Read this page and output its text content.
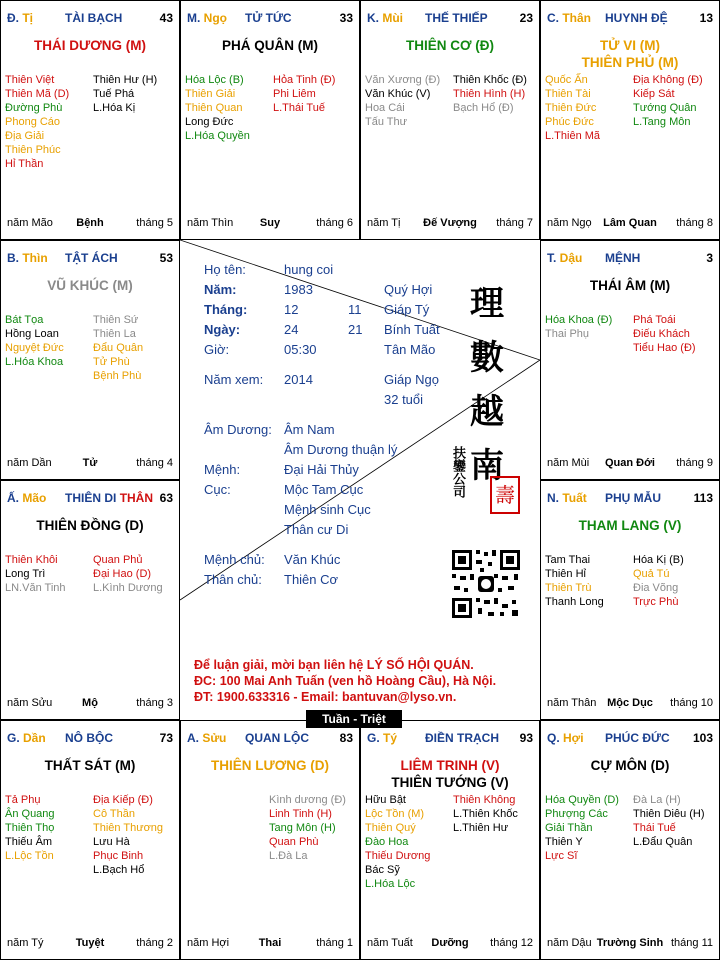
Đ. Tị	TÀI BẠCH	43
THÁI DƯƠNG (M)
Thiên Việt
Thiên Mã (D)
Đường Phù
Phong Cáo
Địa Giải
Thiên Phúc
Hỉ Thần
Thiên Hư (H)
Tuế Phá
L.Hóa Kị
năm Mão	Bệnh	tháng 5
M. Ngọ TỬ TỨC	33
PHÁ QUÂN (M)
Hóa Lộc (B)
Thiên Giải
Thiên Quan
Long Đức
L.Hóa Quyền
Hỏa Tinh (Đ)
Phi Liêm
L.Thái Tuế
năm Thìn	Suy	tháng 6
K. Mùi THẾ THIẾP	23
THIÊN CƠ (Đ)
Văn Xương (Đ)
Văn Khúc (V)
Hoa Cái
Tấu Thư
Thiên Khốc (Đ)
Thiên Hình (H)
Bạch Hổ (Đ)
năm Tị	Đế Vượng	tháng 7
C. Thân HUYNH ĐỆ	13
TỬ VI (M)
THIÊN PHỦ (M)
Quốc Ấn
Thiên Tài
Thiên Đức
Phúc Đức
L.Thiên Mã
Địa Không (Đ)
Kiếp Sát
Tướng Quân
L.Tang Môn
năm Ngọ	Lâm Quan	tháng 8
T. Dậu MỆNH	3
THÁI ÂM (M)
Hóa Khoa (Đ)
Thai Phụ
Phá Toái
Điếu Khách
Tiểu Hao (Đ)
năm Mùi	Quan Đới	tháng 9
N. Tuất PHỤ MẪU	113
THAM LANG (V)
Tam Thai
Thiên Hỉ
Thiên Trù
Thanh Long
Hóa Kị (B)
Quả Tú
Đia Võng
Trực Phù
năm Thân Mộc Dục	tháng 10
Q. Hợi PHÚC ĐỨC 103
CỰ MÔN (D)
Hóa Quyền (D)
Phượng Các
Giải Thần
Thiên Y
Lực Sĩ
Đà La (H)
Thiên Diêu (H)
Thái Tuế
L.Đẩu Quân
năm Dậu Trường Sinh tháng 11
G. Tý ĐIỀN TRẠCH 93
LIÊM TRINH (V)
THIÊN TƯỚNG (V)
Hữu Bật
Lộc Tồn (M)
Thiên Quý
Đào Hoa
Thiếu Dương
Bác Sỹ
L.Hóa Lộc
Thiên Không
L.Thiên Khốc
L.Thiên Hư
năm Tuất	Dưỡng	tháng 12
A. Sửu QUAN LỘC	83
THIÊN LƯƠNG (D)
Kình dương (Đ)
Linh Tinh (H)
Tang Môn (H)
Quan Phù
L.Đà La
năm Hợi	Thai	tháng 1
G. Dần NÔ BỘC	73
THẤT SÁT (M)
Tả Phụ
Ân Quang
Thiên Thọ
Thiếu Âm
L.Lộc Tồn
Địa Kiếp (Đ)
Cô Thần
Thiên Thương
Lưu Hà
Phục Binh
L.Bạch Hổ
năm Tý	Tuyệt	tháng 2
Ấ. Mão THIÊN DI THÂN 63
THIÊN ĐỒNG (D)
Thiên Khôi
Long Trì
LN.Văn Tinh
Quan Phủ
Đại Hao (D)
L.Kình Dương
năm Sửu	Mộ	tháng 3
B. Thìn TẬT ÁCH	53
VŨ KHÚC (M)
Bát Tọa
Hồng Loan
Nguyệt Đức
L.Hóa Khoa
Thiên Sứ
Thiên La
Đẩu Quân
Tử Phù
Bệnh Phù
năm Dần	Tử	tháng 4
Họ tên:	hung coi
Năm:	1983	Quý Hợi
Tháng:	12	11 Giáp Tý
Ngày:	24	21 Bính Tuất
Giờ:	05:30	Tân Mão
Năm xem: 2014	Giáp Ngọ
32 tuổi
Âm Dương: Âm Nam
Âm Dương thuận lý
Mệnh:	Đại Hải Thủy
Cục:	Mộc Tam Cục
Mệnh sinh Cục
Thân cư Di
Mệnh chủ: Văn Khúc
Thân chủ: Thiên Cơ
理
數
越
南
扶鑾公司 壽
Để luận giải, mời bạn liên hệ LÝ SỐ HỘI QUÁN.
ĐC: 100 Mai Anh Tuấn (ven hồ Hoàng Cầu), Hà Nội.
ĐT: 1900.633316 - Email: bantuvan@lyso.vn.
Tuần - Triệt
